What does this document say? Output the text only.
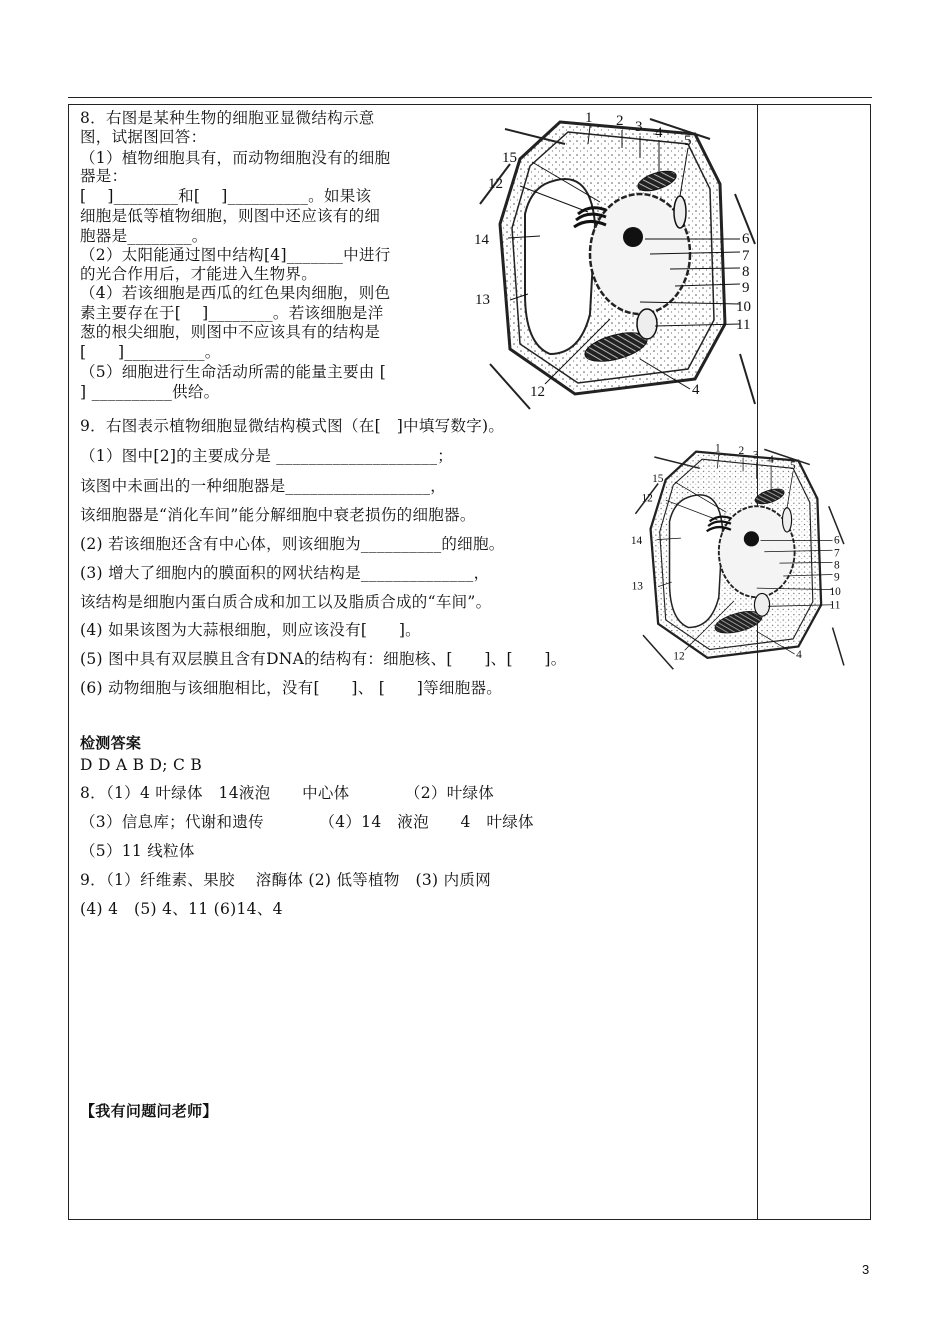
8．右图是某种生物的细胞亚显微结构示意
图，试据图回答：
（1）植物细胞具有，而动物细胞没有的细胞
器是：
[　 ]________和[　 ]__________。如果该
细胞是低等植物细胞，则图中还应该有的细
胞器是________。
（2）太阳能通过图中结构[4]_______中进行
的光合作用后，才能进入生物界。
（4）若该细胞是西瓜的红色果肉细胞，则色
素主要存在于[　 ]________。若该细胞是洋
葱的根尖细胞，则图中不应该具有的结构是
[　　]__________。
（5）细胞进行生命活动所需的能量主要由 [
] __________供给。
1 2 3 4 5
6
7
8
9
10
11
12
13
14
15
12
4
9．右图表示植物细胞显微结构模式图（在[　]中填写数字)。
（1）图中[2]的主要成分是 ____________________；
该图中未画出的一种细胞器是__________________，
该细胞器是“消化车间”能分解细胞中衰老损伤的细胞器。
(2) 若该细胞还含有中心体，则该细胞为__________的细胞。
(3) 增大了细胞内的膜面积的网状结构是______________，
该结构是细胞内蛋白质合成和加工以及脂质合成的“车间”。
(4) 如果该图为大蒜根细胞，则应该没有[　　]。
(5) 图中具有双层膜且含有DNA的结构有：细胞核、[　　]、[　　]。
(6) 动物细胞与该细胞相比，没有[　　]、 [　　]等细胞器。
1 2 3 4
5
6
7
8
9
10
11
12
13
14
15
12
4
检测答案
D D A B D; C B
8．（1）4 叶绿体　14液泡　　中心体　　　　（2）叶绿体
（3）信息库；代谢和遗传　　　　（4）14　液泡　　4　叶绿体
（5）11 线粒体
9．（1）纤维素、果胶　 溶酶体 (2) 低等植物　(3) 内质网
(4) 4　(5) 4、11 (6)14、4
【我有问题问老师】
3
